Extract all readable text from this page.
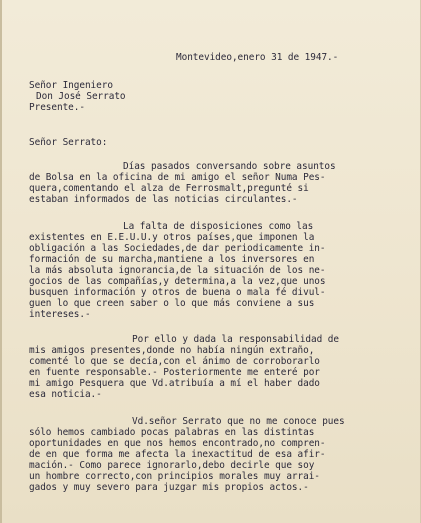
Montevideo,enero 31 de 1947.-
Señor Ingeniero
Don José Serrato
Presente.-
Señor Serrato:
Días pasados conversando sobre asuntos
de Bolsa en la oficina de mi amigo el señor Numa Pes-
quera,comentando el alza de Ferrosmalt,pregunté si
estaban informados de las noticias circulantes.-
La falta de disposiciones como las
existentes en E.E.U.U.y otros países,que imponen la
obligación a las Sociedades,de dar periodicamente in-
formación de su marcha,mantiene a los inversores en
la más absoluta ignorancia,de la situación de los ne-
gocios de las compañías,y determina,a la vez,que unos
busquen información y otros de buena o mala fé divul-
guen lo que creen saber o lo que más conviene a sus
intereses.-
Por ello y dada la responsabilidad de
mis amigos presentes,donde no había ningún extraño,
comenté lo que se decía,con el ánimo de corroborarlo
en fuente responsable.- Posteriormente me enteré por
mi amigo Pesquera que Vd.atribuía a mí el haber dado
esa noticia.-
Vd.señor Serrato que no me conoce pues
sólo hemos cambiado pocas palabras en las distintas
oportunidades en que nos hemos encontrado,no compren-
de en que forma me afecta la inexactitud de esa afir-
mación.- Como parece ignorarlo,debo decirle que soy
un hombre correcto,con principios morales muy arrai-
gados y muy severo para juzgar mis propios actos.-
